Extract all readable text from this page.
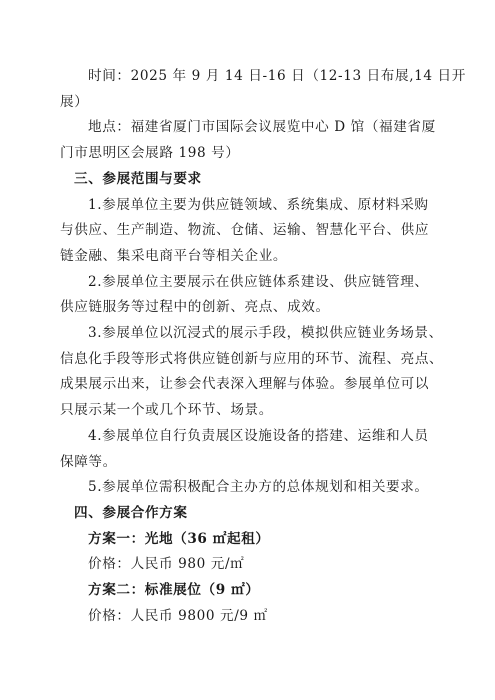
时间：2025 年 9 月 14 日-16 日（12-13 日布展,14 日开

展）

地点：福建省厦门市国际会议展览中心 D 馆（福建省厦

门市思明区会展路 198 号）

三、参展范围与要求

1.参展单位主要为供应链领域、系统集成、原材料采购

与供应、生产制造、物流、仓储、运输、智慧化平台、供应

链金融、集采电商平台等相关企业。

2.参展单位主要展示在供应链体系建设、供应链管理、

供应链服务等过程中的创新、亮点、成效。

3.参展单位以沉浸式的展示手段，模拟供应链业务场景、

信息化手段等形式将供应链创新与应用的环节、流程、亮点、

成果展示出来，让参会代表深入理解与体验。参展单位可以

只展示某一个或几个环节、场景。

4.参展单位自行负责展区设施设备的搭建、运维和人员

保障等。

5.参展单位需积极配合主办方的总体规划和相关要求。

四、参展合作方案

方案一：光地（36 ㎡起租）

价格：人民币 980 元/㎡

方案二：标准展位（9 ㎡）

价格：人民币 9800 元/9 ㎡
